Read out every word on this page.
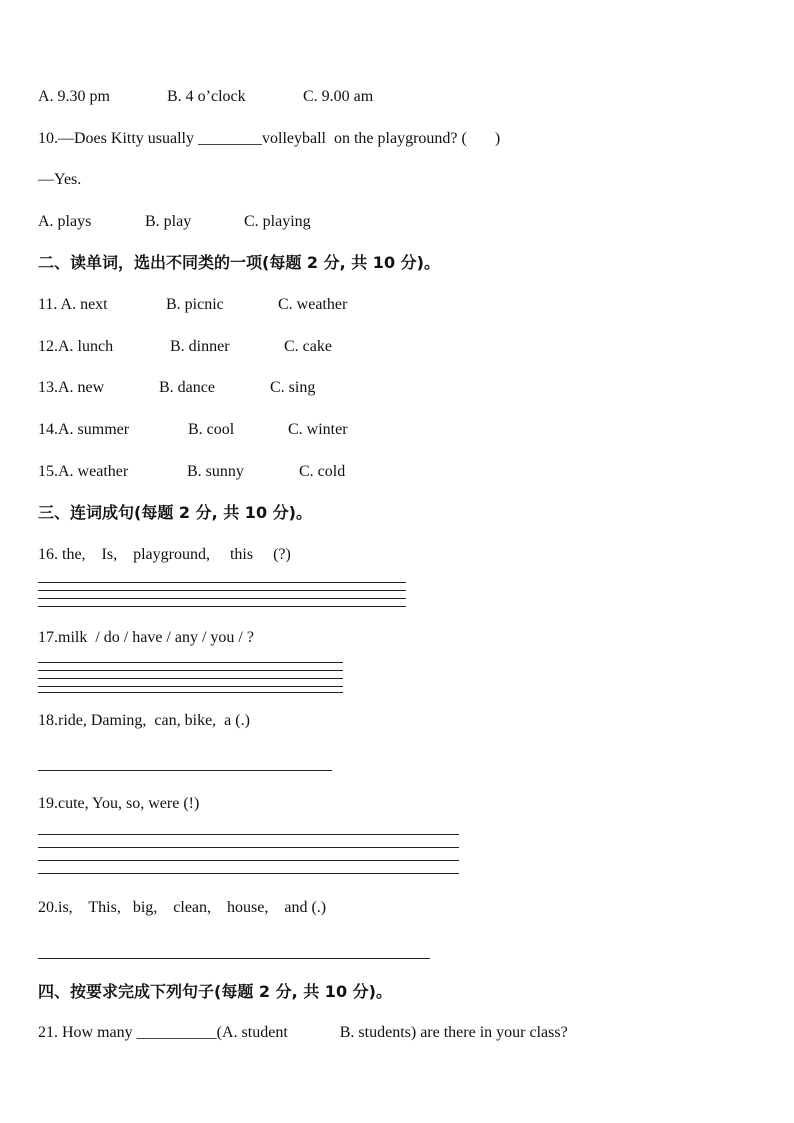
A. 9.30 pm	B. 4 o’clock	C. 9.00 am
10.—Does Kitty usually ________volleyball  on the playground? (       )
—Yes.
A. plays	B. play	C. playing
二、读单词，选出不同类的一项(每题 2 分, 共 10 分)。
11. A. next	B. picnic	C. weather
12.A. lunch	B. dinner	C. cake
13.A. new	B. dance	C. sing
14.A. summer	B. cool	C. winter
15.A. weather	B. sunny	C. cold
三、连词成句(每题 2 分, 共 10 分)。
16. the,    Is,    playground,     this     (?)
17.milk  / do / have / any / you / ?
18.ride, Daming,  can, bike,  a (.)
19.cute, You, so, were (!)
20.is,    This,   big,    clean,    house,    and (.)
四、按要求完成下列句子(每题 2 分, 共 10 分)。
21. How many __________(A. student             B. students) are there in your class?
